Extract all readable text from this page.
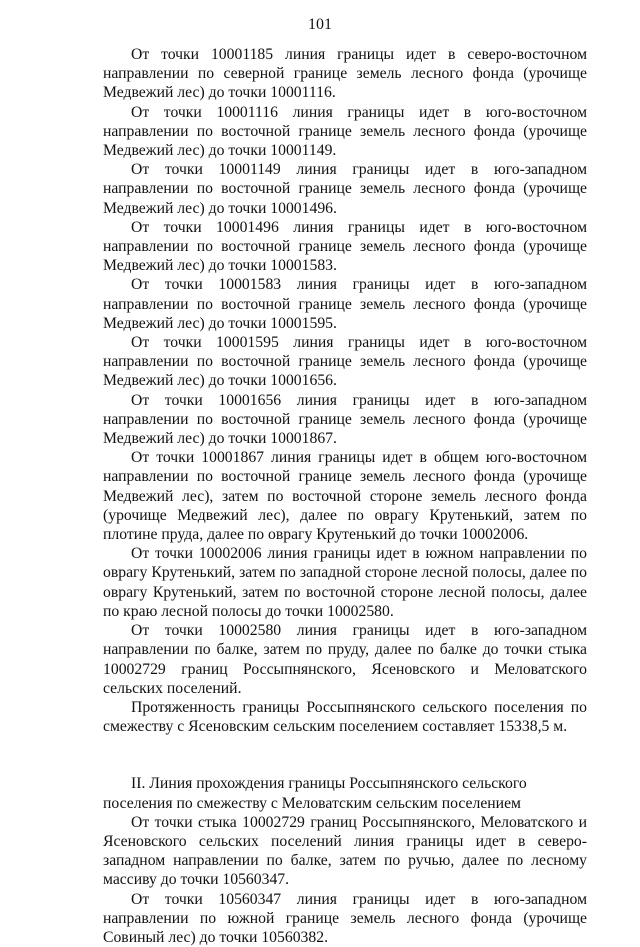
101

От точки 10001185 линия границы идет в северо-восточном направлении по северной границе земель лесного фонда (урочище Медвежий лес) до точки 10001116.

От точки 10001116 линия границы идет в юго-восточном направлении по восточной границе земель лесного фонда (урочище Медвежий лес) до точки 10001149.

От точки 10001149 линия границы идет в юго-западном направлении по восточной границе земель лесного фонда (урочище Медвежий лес) до точки 10001496.

От точки 10001496 линия границы идет в юго-восточном направлении по восточной границе земель лесного фонда (урочище Медвежий лес) до точки 10001583.

От точки 10001583 линия границы идет в юго-западном направлении по восточной границе земель лесного фонда (урочище Медвежий лес) до точки 10001595.

От точки 10001595 линия границы идет в юго-восточном направлении по восточной границе земель лесного фонда (урочище Медвежий лес) до точки 10001656.

От точки 10001656 линия границы идет в юго-западном направлении по восточной границе земель лесного фонда (урочище Медвежий лес) до точки 10001867.

От точки 10001867 линия границы идет в общем юго-восточном направлении по восточной границе земель лесного фонда (урочище Медвежий лес), затем по восточной стороне земель лесного фонда (урочище Медвежий лес), далее по оврагу Крутенький, затем по плотине пруда, далее по оврагу Крутенький до точки 10002006.

От точки 10002006 линия границы идет в южном направлении по оврагу Крутенький, затем по западной стороне лесной полосы, далее по оврагу Крутенький, затем по восточной стороне лесной полосы, далее по краю лесной полосы до точки 10002580.

От точки 10002580 линия границы идет в юго-западном направлении по балке, затем по пруду, далее по балке до точки стыка 10002729 границ Россыпнянского, Ясеновского и Меловатского сельских поселений.

Протяженность границы Россыпнянского сельского поселения по смежеству с Ясеновским сельским поселением составляет 15338,5 м.

II. Линия прохождения границы Россыпнянского сельского поселения по смежеству с Меловатским сельским поселением

От точки стыка 10002729 границ Россыпнянского, Меловатского и Ясеновского сельских поселений линия границы идет в северо-западном направлении по балке, затем по ручью, далее по лесному массиву до точки 10560347.

От точки 10560347 линия границы идет в юго-западном направлении по южной границе земель лесного фонда (урочище Совиный лес) до точки 10560382.
